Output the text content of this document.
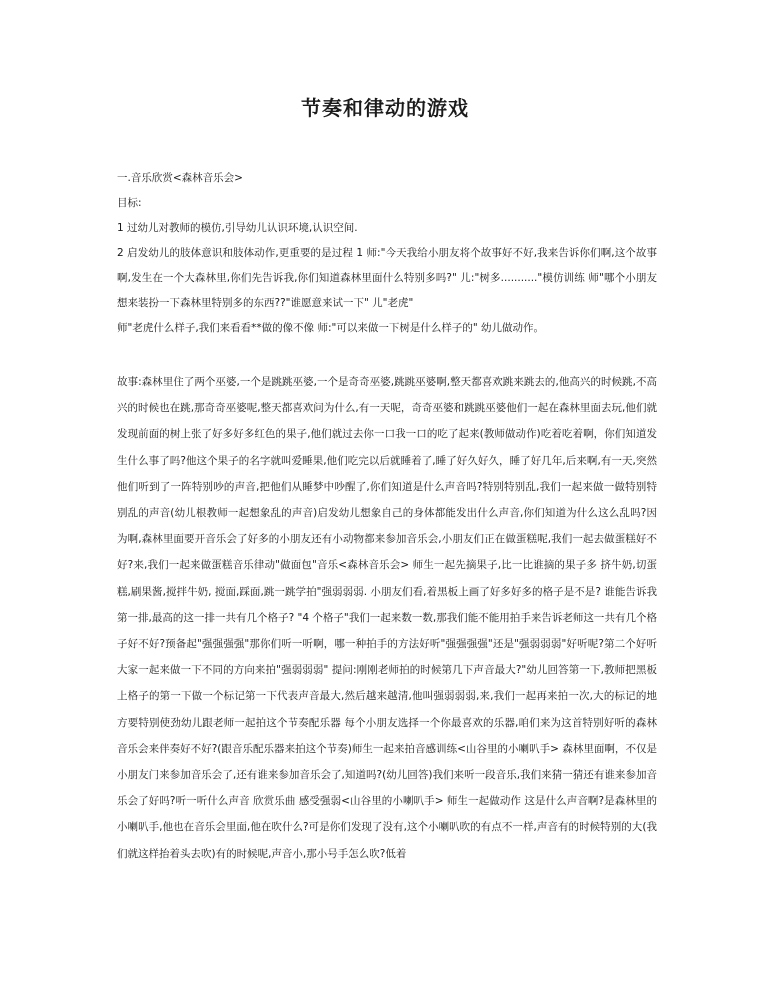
节奏和律动的游戏

一.音乐欣赏<森林音乐会>

目标:

1 过幼儿对教师的模仿,引导幼儿认识环境,认识空间.

2 启发幼儿的肢体意识和肢体动作,更重要的是过程 1 师:"今天我给小朋友将个故事好不好,我来告诉你们啊,这个故事啊,发生在一个大森林里,你们先告诉我,你们知道森林里面什么特别多吗?" 儿:"树多..........."模仿训练 师"哪个小朋友想来装扮一下森林里特别多的东西??"谁愿意来试一下" 儿"老虎"

师"老虎什么样子,我们来看看**做的像不像 师:"可以来做一下树是什么样子的" 幼儿做动作。

故事:森林里住了两个巫婆,一个是跳跳巫婆,一个是奇奇巫婆,跳跳巫婆啊,整天都喜欢跳来跳去的,他高兴的时候跳,不高兴的时候也在跳,那奇奇巫婆呢,整天都喜欢问为什么,有一天呢，奇奇巫婆和跳跳巫婆他们一起在森林里面去玩,他们就发现前面的树上张了好多好多红色的果子,他们就过去你一口我一口的吃了起来(教师做动作)吃着吃着啊，你们知道发生什么事了吗?他这个果子的名字就叫爱睡果,他们吃完以后就睡着了,睡了好久好久，睡了好几年,后来啊,有一天,突然他们听到了一阵特别吵的声音,把他们从睡梦中吵醒了,你们知道是什么声音吗?特别特别乱,我们一起来做一做特别特别乱的声音(幼儿根教师一起想象乱的声音)启发幼儿想象自己的身体都能发出什么声音,你们知道为什么这么乱吗?因为啊,森林里面要开音乐会了好多的小朋友还有小动物都来参加音乐会,小朋友们正在做蛋糕呢,我们一起去做蛋糕好不好?来,我们一起来做蛋糕音乐律动"做面包"音乐<森林音乐会> 师生一起先摘果子,比一比谁摘的果子多 挤牛奶,切蛋糕,刷果酱,搅拌牛奶, 搅面,踩面,跳一跳学拍"强弱弱弱. 小朋友们看,着黑板上画了好多好多的格子是不是? 谁能告诉我第一排,最高的这一排一共有几个格子? "4 个格子"我们一起来数一数,那我们能不能用拍手来告诉老师这一共有几个格子好不好?预备起"强强强强"那你们听一听啊，哪一种拍手的方法好听"强强强强"还是"强弱弱弱"好听呢?第二个好听大家一起来做一下不同的方向来拍"强弱弱弱" 提问:刚刚老师拍的时候第几下声音最大?"幼儿回答第一下,教师把黑板上格子的第一下做一个标记第一下代表声音最大,然后越来越清,他叫强弱弱弱,来,我们一起再来拍一次,大的标记的地方要特别使劲幼儿跟老师一起拍这个节奏配乐器 每个小朋友选择一个你最喜欢的乐器,咱们来为这首特别好听的森林音乐会来伴奏好不好?(跟音乐配乐器来拍这个节奏)师生一起来拍音感训练<山谷里的小喇叭手> 森林里面啊，不仅是小朋友门来参加音乐会了,还有谁来参加音乐会了,知道吗?(幼儿回答)我们来听一段音乐,我们来猜一猜还有谁来参加音乐会了好吗?听一听什么声音 欣赏乐曲 感受强弱<山谷里的小喇叭手> 师生一起做动作 这是什么声音啊?是森林里的小喇叭手,他也在音乐会里面,他在吹什么?可是你们发现了没有,这个小喇叭吹的有点不一样,声音有的时候特别的大(我们就这样抬着头去吹)有的时候呢,声音小,那小号手怎么吹?低着
